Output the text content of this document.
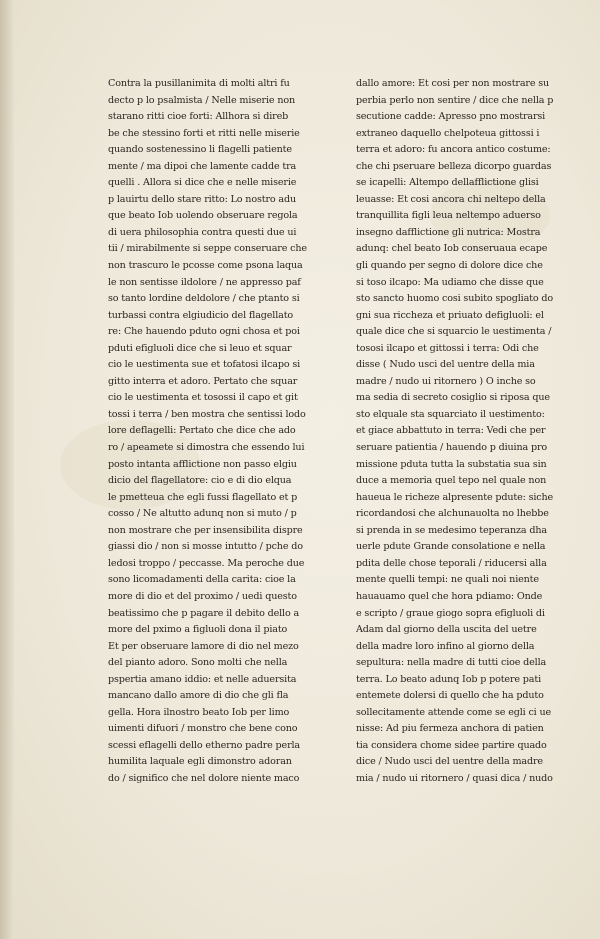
Contra la pusillanimita di molti altri fu
decto p lo psalmista / Nelle miserie non
starano ritti cioe forti: Allhora si direb
be che stessino forti et ritti nelle miserie
quando sostenessino li flagelli patiente
mente / ma dipoi che lamente cadde tra
quelli . Allora si dice che e nelle miserie
p lauirtu dello stare ritto: Lo nostro adu
que beato Iob uolendo obseruare regola
di uera philosophia contra questi due ui
tii / mirabilmente si seppe conseruare che
non trascuro le pcosse come psona laqua
le non sentisse ildolore / ne appresso paf
so tanto lordine deldolore / che ptanto si
turbassi contra elgiudicio del flagellato
re: Che hauendo pduto ogni chosa et poi
pduti efigluoli dice che si leuo et squar
cio le uestimenta sue et tofatosi ilcapo si
gitto interra et adoro. Pertato che squar
cio le uestimenta et tosossi il capo et git
tossi i terra / ben mostra che sentissi lodo
lore deflagelli: Pertato che dice che ado
ro / apeamete si dimostra che essendo lui
posto intanta afflictione non passo elgiu
dicio del flagellatore: cio e di dio elqua
le pmetteua che egli fussi flagellato et p
cosso / Ne altutto adunq non si muto / p
non mostrare che per insensibilita dispre
giassi dio / non si mosse intutto / pche do
ledosi troppo / peccasse. Ma peroche due
sono licomadamenti della carita: cioe la
more di dio et del proximo / uedi questo
beatissimo che p pagare il debito dello a
more del pximo a figluoli dona il piato
Et per obseruare lamore di dio nel mezo
del pianto adoro. Sono molti che nella
pspertia amano iddio: et nelle aduersita
mancano dallo amore di dio che gli fla
gella. Hora ilnostro beato Iob per limo
uimenti difuori / monstro che bene cono
scessi eflagelli dello etherno padre perla
humilita laquale egli dimonstro adoran
do / significo che nel dolore niente maco
dallo amore: Et cosi per non mostrare su
perbia perlo non sentire / dice che nella p
secutione cadde: Apresso pno mostrarsi
extraneo daquello chelpoteua gittossi i
terra et adoro: fu ancora antico costume:
che chi pseruare belleza dicorpo guardas
se icapelli: Altempo dellafflictione glisi
leuasse: Et cosi ancora chi neltepo della
tranquillita figli leua neltempo aduerso
insegno dafflictione gli nutrica: Mostra
adunq: chel beato Iob conseruaua ecape
gli quando per segno di dolore dice che
si toso ilcapo: Ma udiamo che disse que
sto sancto huomo cosi subito spogliato do
gni sua riccheza et priuato defigluoli: el
quale dice che si squarcio le uestimenta /
tososi ilcapo et gittossi i terra: Odi che
disse ( Nudo usci del uentre della mia
madre / nudo ui ritornero ) O inche so
ma sedia di secreto cosiglio si riposa que
sto elquale sta squarciato il uestimento:
et giace abbattuto in terra: Vedi che per
seruare patientia / hauendo p diuina pro
missione pduta tutta la substatia sua sin
duce a memoria quel tepo nel quale non
haueua le richeze alpresente pdute: siche
ricordandosi che alchunauolta no lhebbe
si prenda in se medesimo teperanza dha
uerle pdute Grande consolatione e nella
pdita delle chose teporali / riducersi alla
mente quelli tempi: ne quali noi niente
hauauamo quel che hora pdiamo: Onde
e scripto / graue giogo sopra efigluoli di
Adam dal giorno della uscita del uetre
della madre loro infino al giorno della
sepultura: nella madre di tutti cioe della
terra. Lo beato adunq Iob p potere pati
entemete dolersi di quello che ha pduto
sollecitamente attende come se egli ci ue
nisse: Ad piu fermeza anchora di patien
tia considera chome sidee partire quado
dice / Nudo usci del uentre della madre
mia / nudo ui ritornero / quasi dica / nudo
